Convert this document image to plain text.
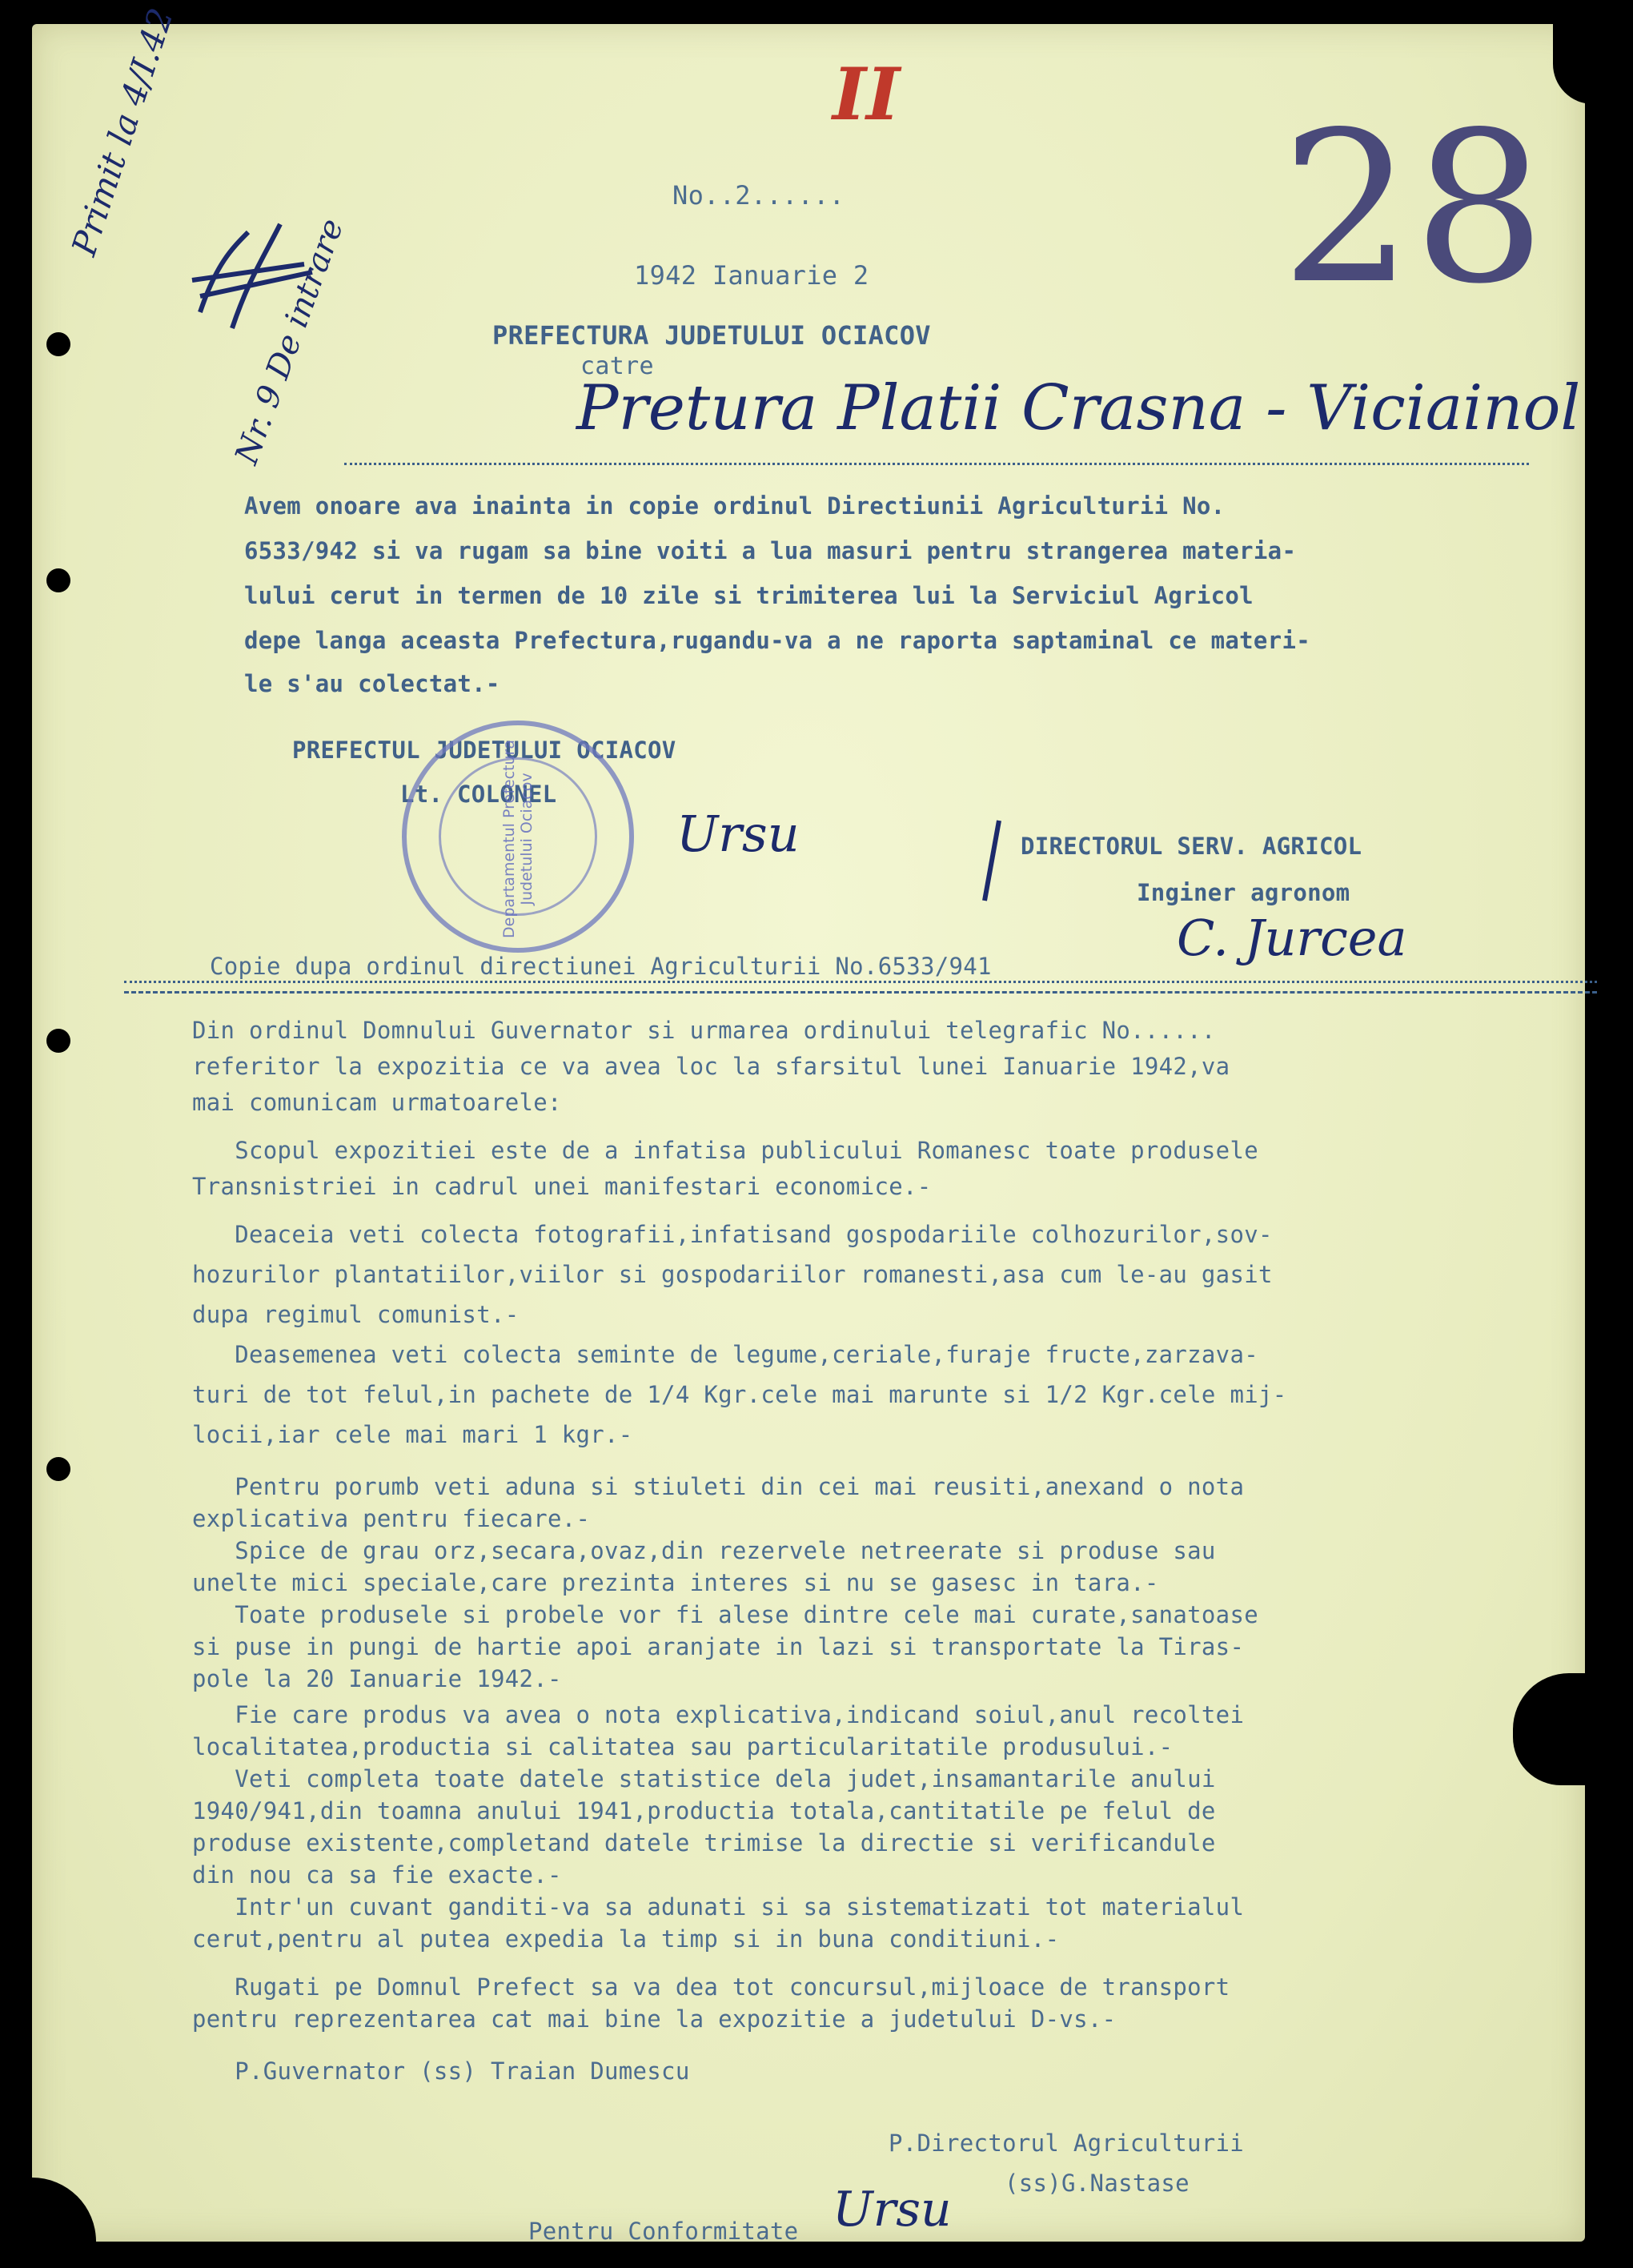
II 28
Primit la 4/I.42
Nr. 9 De intrare
No..2......
1942 Ianuarie 2
PREFECTURA JUDETULUI OCIACOV
catre
Pretura Platii Crasna - Viciainol
Avem onoare ava inainta in copie ordinul Directiunii Agriculturii No.
6533/942 si va rugam sa bine voiti a lua masuri pentru strangerea materia-
lului cerut in termen de 10 zile si trimiterea lui la Serviciul Agricol
depe langa aceasta Prefectura,rugandu-va a ne raporta saptaminal ce materi-
le s'au colectat.-
PREFECTUL JUDETULUI OCIACOV
Lt. COLONEL
Departamentul Prefectura Judetului Ociacov	Ursu	DIRECTORUL SERV. AGRICOL
Inginer agronom
C. Jurcea
Copie dupa ordinul directiunei Agriculturii No.6533/941
Din ordinul Domnului Guvernator si urmarea ordinului telegrafic No......
referitor la expozitia ce va avea loc la sfarsitul lunei Ianuarie 1942,va
mai comunicam urmatoarele:
Scopul expozitiei este de a infatisa publicului Romanesc toate produsele
Transnistriei in cadrul unei manifestari economice.-
Deaceia veti colecta fotografii,infatisand gospodariile colhozurilor,sov-
hozurilor plantatiilor,viilor si gospodariilor romanesti,asa cum le-au gasit
dupa regimul comunist.-
Deasemenea veti colecta seminte de legume,ceriale,furaje fructe,zarzava-
turi de tot felul,in pachete de 1/4 Kgr.cele mai marunte si 1/2 Kgr.cele mij-
locii,iar cele mai mari 1 kgr.-
Pentru porumb veti aduna si stiuleti din cei mai reusiti,anexand o nota
explicativa pentru fiecare.-
Spice de grau orz,secara,ovaz,din rezervele netreerate si produse sau
unelte mici speciale,care prezinta interes si nu se gasesc in tara.-
Toate produsele si probele vor fi alese dintre cele mai curate,sanatoase
si puse in pungi de hartie apoi aranjate in lazi si transportate la Tiras-
pole la 20 Ianuarie 1942.-
Fie care produs va avea o nota explicativa,indicand soiul,anul recoltei
localitatea,productia si calitatea sau particularitatile produsului.-
Veti completa toate datele statistice dela judet,insamantarile anului
1940/941,din toamna anului 1941,productia totala,cantitatile pe felul de
produse existente,completand datele trimise la directie si verificandule
din nou ca sa fie exacte.-
Intr'un cuvant ganditi-va sa adunati si sa sistematizati tot materialul
cerut,pentru al putea expedia la timp si in buna conditiuni.-
Rugati pe Domnul Prefect sa va dea tot concursul,mijloace de transport
pentru reprezentarea cat mai bine la expozitie a judetului D-vs.-
P.Guvernator (ss) Traian Dumescu
P.Directorul Agriculturii
(ss)G.Nastase
Pentru Conformitate Ursu
